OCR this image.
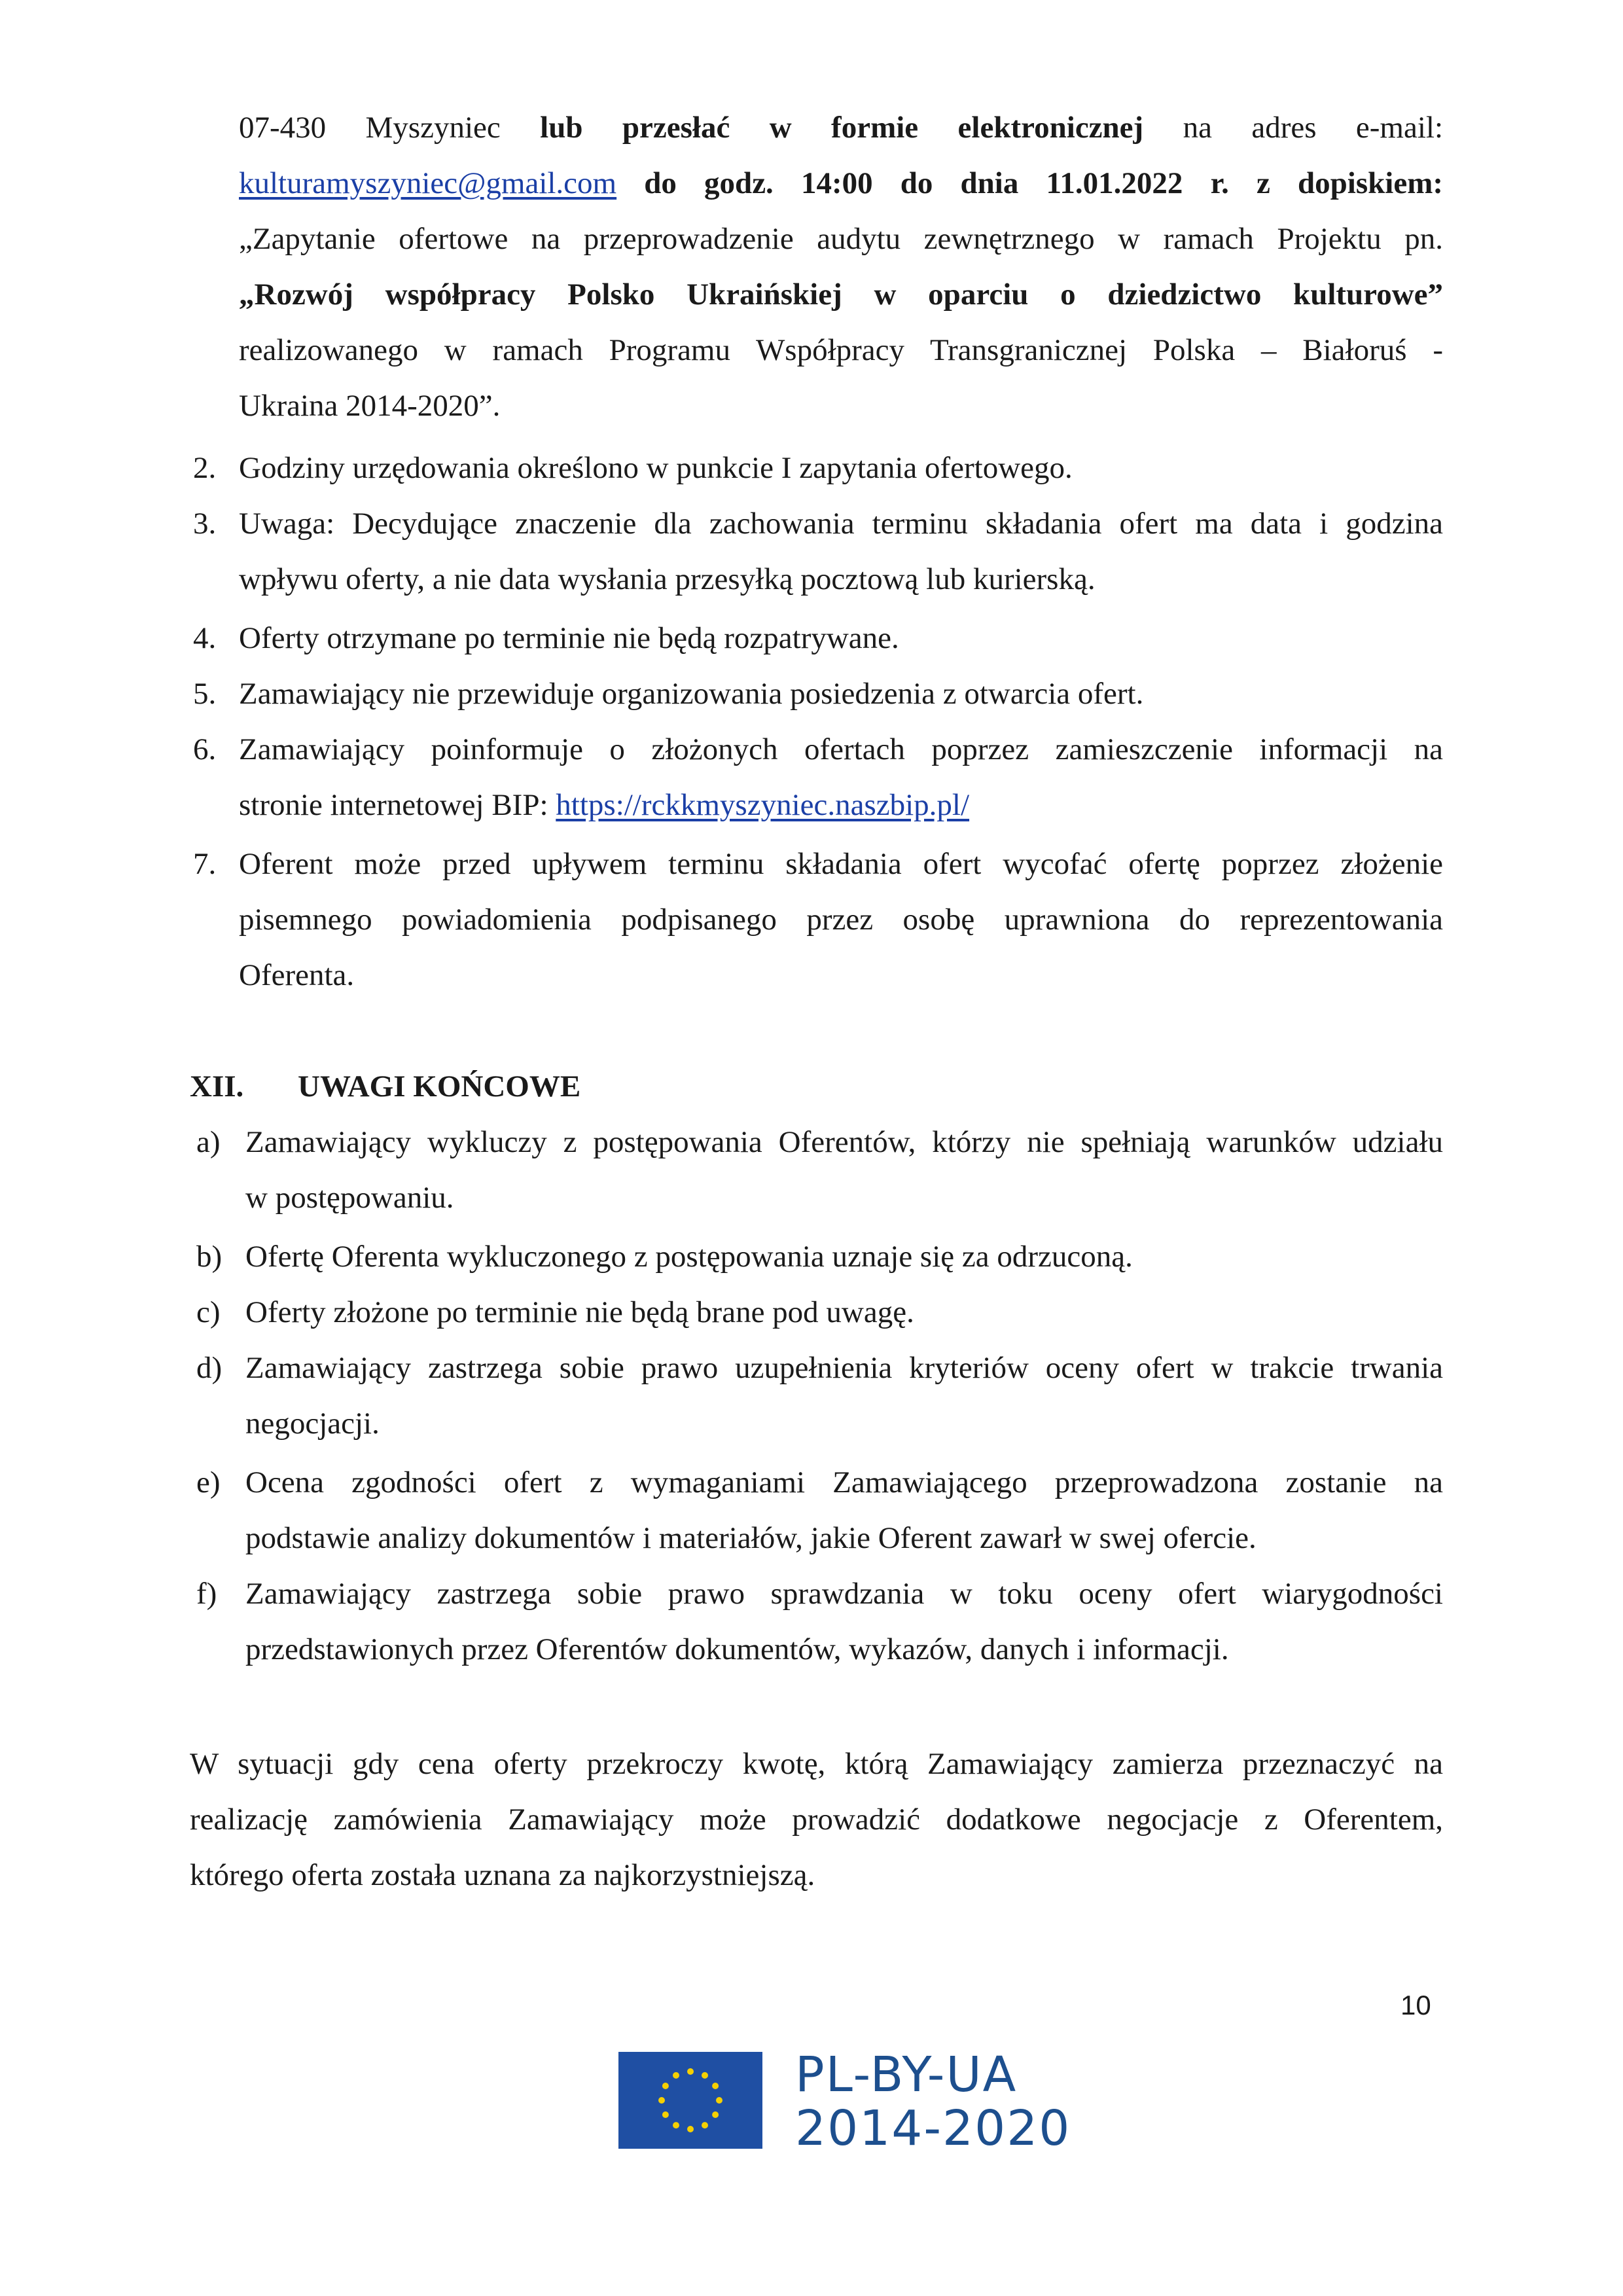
07-430 Myszyniec lub przesłać w formie elektronicznej na adres e-mail:
kulturamyszyniec@gmail.com do godz. 14:00 do dnia 11.01.2022 r. z dopiskiem:
„Zapytanie ofertowe na przeprowadzenie audytu zewnętrznego w ramach Projektu pn.
„Rozwój współpracy Polsko Ukraińskiej w oparciu o dziedzictwo kulturowe”
realizowanego w ramach Programu Współpracy Transgranicznej Polska – Białoruś -
Ukraina 2014-2020”.
2. Godziny urzędowania określono w punkcie I zapytania ofertowego.
3. Uwaga: Decydujące znaczenie dla zachowania terminu składania ofert ma data i godzina
wpływu oferty, a nie data wysłania przesyłką pocztową lub kurierską.
4. Oferty otrzymane po terminie nie będą rozpatrywane.
5. Zamawiający nie przewiduje organizowania posiedzenia z otwarcia ofert.
6. Zamawiający poinformuje o złożonych ofertach poprzez zamieszczenie informacji na
stronie internetowej BIP: https://rckkmyszyniec.naszbip.pl/
7. Oferent może przed upływem terminu składania ofert wycofać ofertę poprzez złożenie
pisemnego powiadomienia podpisanego przez osobę uprawniona do reprezentowania
Oferenta.
XII. UWAGI KOŃCOWE
a) Zamawiający wykluczy z postępowania Oferentów, którzy nie spełniają warunków udziału
w postępowaniu.
b) Ofertę Oferenta wykluczonego z postępowania uznaje się za odrzuconą.
c) Oferty złożone po terminie nie będą brane pod uwagę.
d) Zamawiający zastrzega sobie prawo uzupełnienia kryteriów oceny ofert w trakcie trwania
negocjacji.
e) Ocena zgodności ofert z wymaganiami Zamawiającego przeprowadzona zostanie na
podstawie analizy dokumentów i materiałów, jakie Oferent zawarł w swej ofercie.
f) Zamawiający zastrzega sobie prawo sprawdzania w toku oceny ofert wiarygodności
przedstawionych przez Oferentów dokumentów, wykazów, danych i informacji.
W sytuacji gdy cena oferty przekroczy kwotę, którą Zamawiający zamierza przeznaczyć na
realizację zamówienia Zamawiający może prowadzić dodatkowe negocjacje z Oferentem,
którego oferta została uznana za najkorzystniejszą.
10
PL-BY-UA
2014-2020
